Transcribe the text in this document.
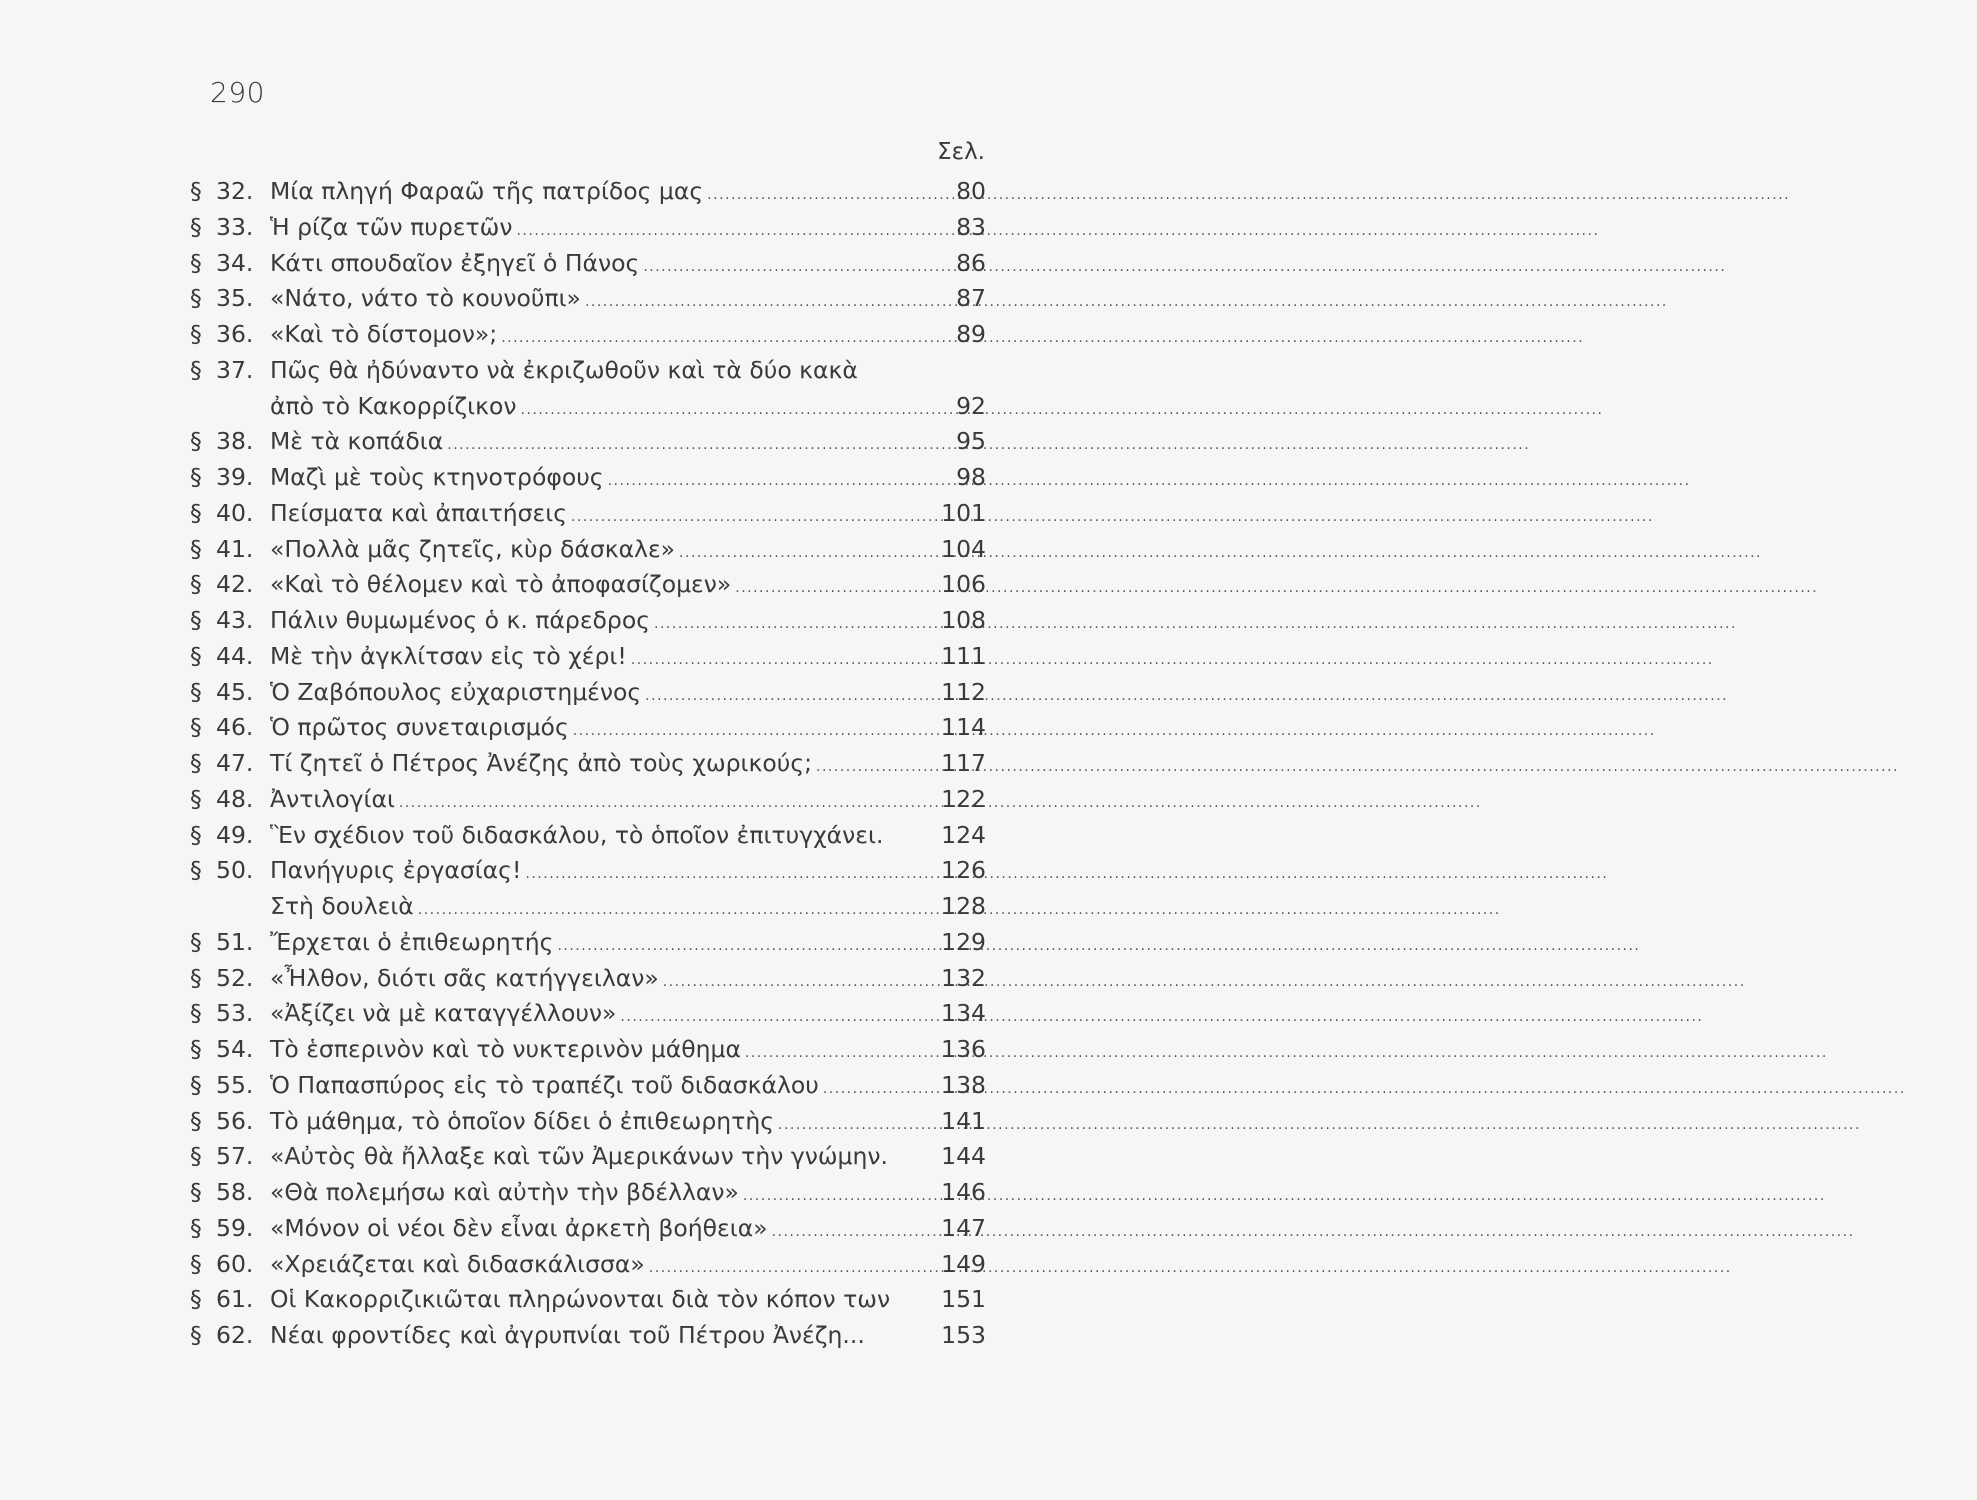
290
Σελ.
§ 32. Μία πληγή Φαραῶ τῆς πατρίδος μας .....	80
§ 33. Ἡ ρίζα τῶν πυρετῶν .....	83
§ 34. Κάτι σπουδαῖον ἐξηγεῖ ὁ Πάνος .....	86
§ 35. «Νάτο, νάτο τὸ κουνοῦπι» .....	87
§ 36. «Καὶ τὸ δίστομον»; .....	89
§ 37. Πῶς θὰ ἠδύναντο νὰ ἐκριζωθοῦν καὶ τὰ δύο κακὰ
ἀπὸ τὸ Κακορρίζικον .....	92
§ 38. Μὲ τὰ κοπάδια .....	95
§ 39. Μαζὶ μὲ τοὺς κτηνοτρόφους .....	98
§ 40. Πείσματα καὶ ἀπαιτήσεις .....	101
§ 41. «Πολλὰ μᾶς ζητεῖς, κὺρ δάσκαλε» .....	104
§ 42. «Καὶ τὸ θέλομεν καὶ τὸ ἀποφασίζομεν» .....	106
§ 43. Πάλιν θυμωμένος ὁ κ. πάρεδρος .....	108
§ 44. Μὲ τὴν ἀγκλίτσαν εἰς τὸ χέρι! .....	111
§ 45. Ὁ Ζαβόπουλος εὐχαριστημένος .....	112
§ 46. Ὁ πρῶτος συνεταιρισμός .....	114
§ 47. Τί ζητεῖ ὁ Πέτρος Ἀνέζης ἀπὸ τοὺς χωρικούς; .....	117
§ 48. Ἀντιλογίαι .....	122
§ 49. Ἓν σχέδιον τοῦ διδασκάλου, τὸ ὁποῖον ἐπιτυγχάνει. 124
§ 50. Πανήγυρις ἐργασίας! .....	126
Στὴ δουλειὰ .....	128
§ 51. Ἔρχεται ὁ ἐπιθεωρητής .....	129
§ 52. «Ἦλθον, διότι σᾶς κατήγγειλαν» .....	132
§ 53. «Ἀξίζει νὰ μὲ καταγγέλλουν» .....	134
§ 54. Τὸ ἑσπερινὸν καὶ τὸ νυκτερινὸν μάθημα .....	136
§ 55. Ὁ Παπασπύρος εἰς τὸ τραπέζι τοῦ διδασκάλου .....	138
§ 56. Τὸ μάθημα, τὸ ὁποῖον δίδει ὁ ἐπιθεωρητὴς .....	141
§ 57. «Αὐτὸς θὰ ἤλλαξε καὶ τῶν Ἀμερικάνων τὴν γνώμην. 144
§ 58. «Θὰ πολεμήσω καὶ αὐτὴν τὴν βδέλλαν» .....	146
§ 59. «Μόνον οἱ νέοι δὲν εἶναι ἀρκετὴ βοήθεια» .....	147
§ 60. «Χρειάζεται καὶ διδασκάλισσα» .....	149
§ 61. Οἱ Κακορριζικιῶται πληρώνονται διὰ τὸν κόπον των 151
§ 62. Νέαι φροντίδες καὶ ἀγρυπνίαι τοῦ Πέτρου Ἀνέζη...	153
